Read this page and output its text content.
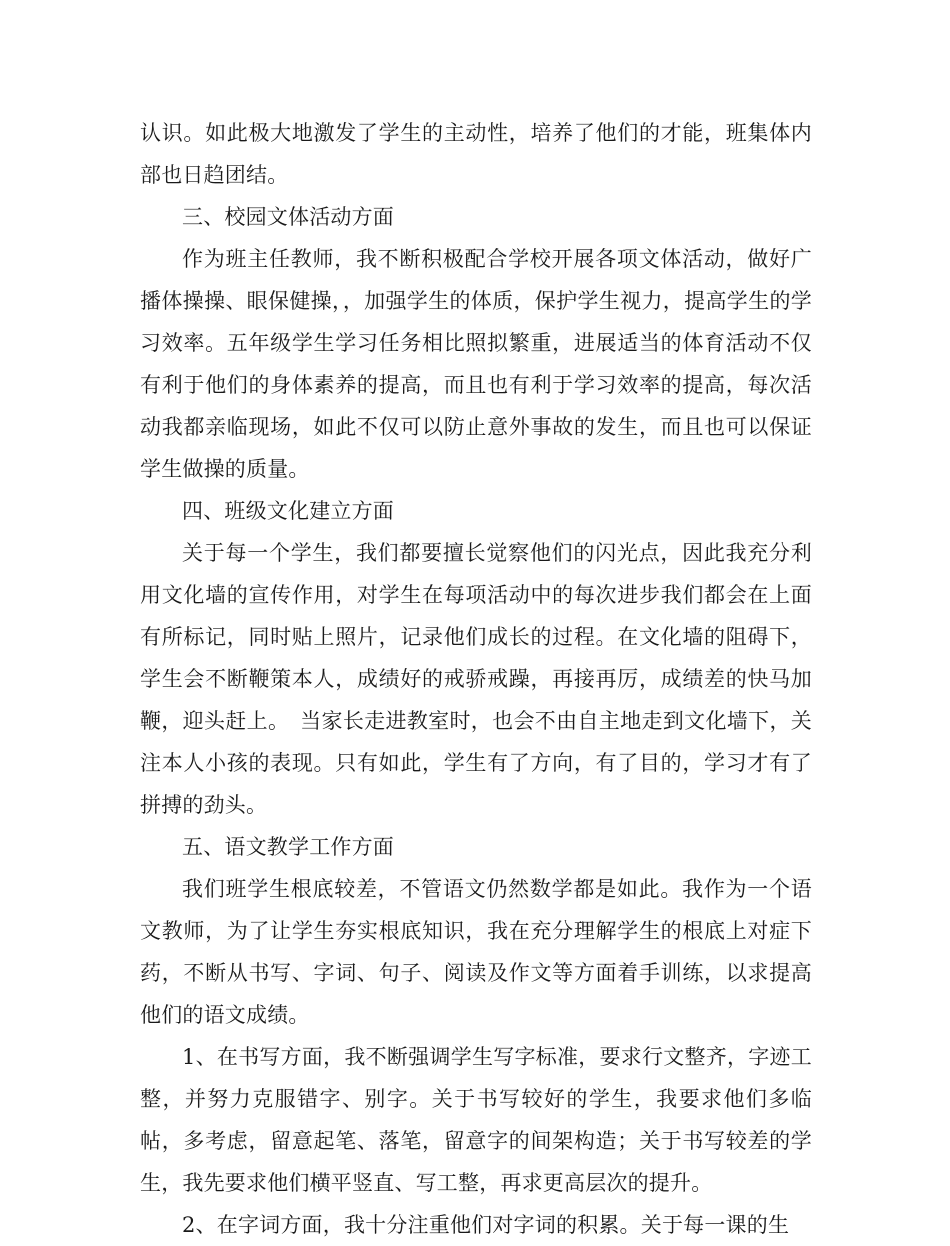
认识。如此极大地激发了学生的主动性，培养了他们的才能，班集体内部也日趋团结。

三、校园文体活动方面

作为班主任教师，我不断积极配合学校开展各项文体活动，做好广播体操操、眼保健操，，加强学生的体质，保护学生视力，提高学生的学习效率。五年级学生学习任务相比照拟繁重，进展适当的体育活动不仅有利于他们的身体素养的提高，而且也有利于学习效率的提高，每次活动我都亲临现场，如此不仅可以防止意外事故的发生，而且也可以保证学生做操的质量。

四、班级文化建立方面

关于每一个学生，我们都要擅长觉察他们的闪光点，因此我充分利用文化墙的宣传作用，对学生在每项活动中的每次进步我们都会在上面有所标记，同时贴上照片，记录他们成长的过程。在文化墙的阻碍下，学生会不断鞭策本人，成绩好的戒骄戒躁，再接再厉，成绩差的快马加鞭，迎头赶上。　当家长走进教室时，也会不由自主地走到文化墙下，关注本人小孩的表现。只有如此，学生有了方向，有了目的，学习才有了拼搏的劲头。

五、语文教学工作方面

我们班学生根底较差，不管语文仍然数学都是如此。我作为一个语文教师，为了让学生夯实根底知识，我在充分理解学生的根底上对症下药，不断从书写、字词、句子、阅读及作文等方面着手训练，以求提高他们的语文成绩。

1、在书写方面，我不断强调学生写字标准，要求行文整齐，字迹工整，并努力克服错字、别字。关于书写较好的学生，我要求他们多临帖，多考虑，留意起笔、落笔，留意字的间架构造；关于书写较差的学生，我先要求他们横平竖直、写工整，再求更高层次的提升。

2、在字词方面，我十分注重他们对字词的积累。关于每一课的生
